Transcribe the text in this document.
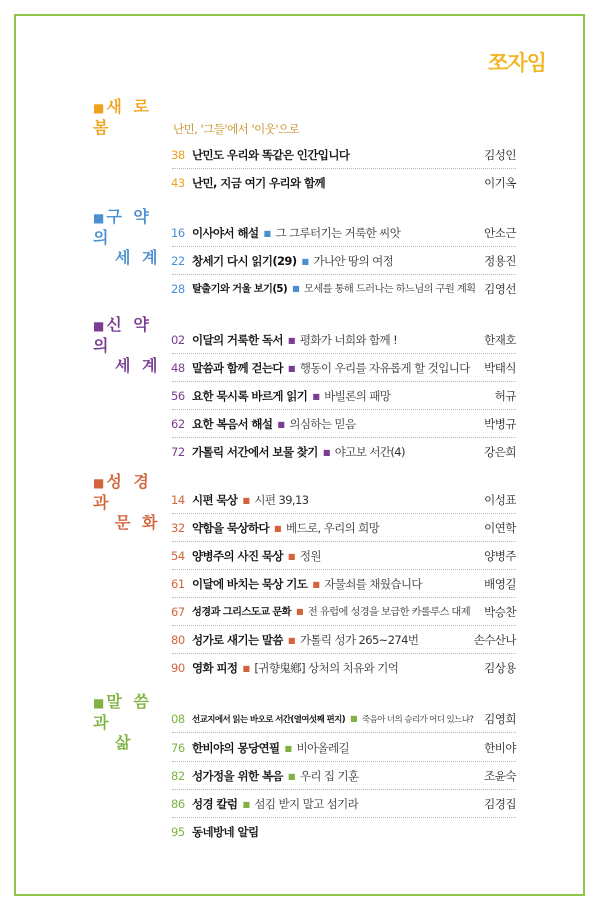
쪼자임
■ 새 로 봄	난민, '그들'에서 '이웃'으로
38 난민도 우리와 똑같은 인간입니다	김성인
43 난민, 지금 여기 우리와 함께	이기옥
■ 구 약 의
세 계
16 이사야서 해설 ■ 그 그루터기는 거룩한 씨앗	안소근
22 창세기 다시 읽기(29) ■ 가나안 땅의 여정	정용진
28 탈출기와 거울 보기(5) ■ 모세를 통해 드러나는 하느님의 구원 계획 김영선
■ 신 약 의
세 계
02 이달의 거룩한 독서 ■ 평화가 너희와 함께 !	한재호
48 말씀과 함께 걷는다 ■ 행동이 우리를 자유롭게 할 것입니다 박태식
56 요한 묵시록 바르게 읽기 ■ 바빌론의 패망	허규
62 요한 복음서 해설 ■ 의심하는 믿음	박병규
72 가톨릭 서간에서 보물 찾기 ■ 야고보 서간(4)	강은희
■ 성 경 과
문 화
14 시편 묵상 ■ 시편 39,13	이성표
32 약함을 묵상하다 ■ 베드로, 우리의 희망	이연학
54 양병주의 사진 묵상 ■ 정원	양병주
61 이달에 바치는 묵상 기도 ■ 자물쇠를 채웠습니다	배영길
67 성경과 그리스도교 문화 ■ 전 유럽에 성경을 보급한 카롤루스 대제 박승찬
80 성가로 새기는 말씀 ■ 가톨릭 성가 265~274번	손수산나
90 영화 피정 ■ [귀향鬼鄕] 상처의 치유와 기억	김상용
■ 말 씀 과
삶
08 선교지에서 읽는 바오로 서간(열여섯째 편지) ■ 죽음아 너의 승리가 어디 있느냐? 김영희
76 한비야의 몽당연필 ■ 비아올레길	한비야
82 성가정을 위한 복음 ■ 우리 집 기훈	조윤숙
86 성경 칼럼 ■ 섬김 받지 말고 섬기라	김경집
95 동네방네 알림
